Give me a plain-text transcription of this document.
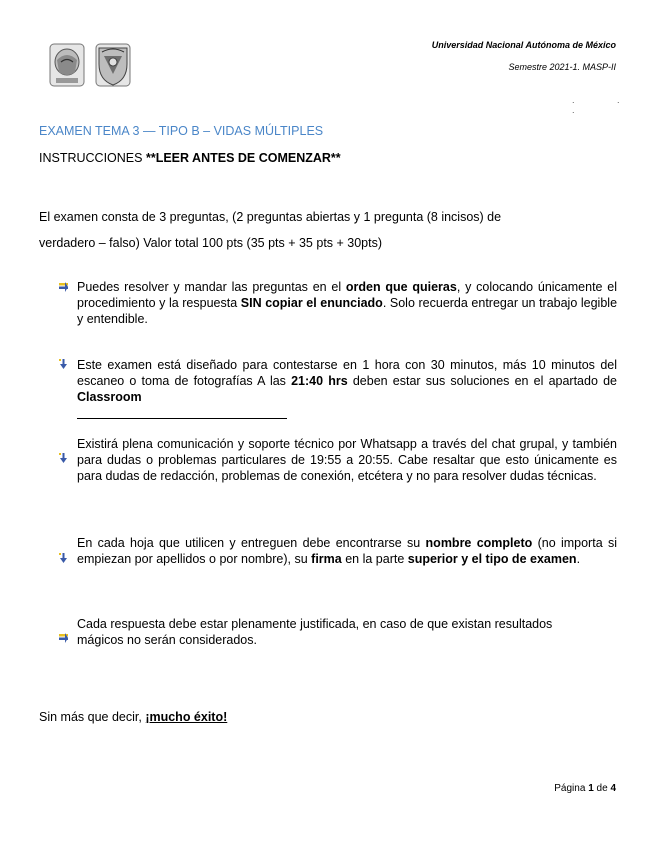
Universidad Nacional Autónoma de México
Semestre 2021-1. MASP-II
. . .
EXAMEN TEMA 3 — TIPO B – VIDAS MÚLTIPLES
INSTRUCCIONES **LEER ANTES DE COMENZAR**
El examen consta de 3 preguntas, (2 preguntas abiertas y 1 pregunta (8 incisos) de
verdadero – falso) Valor total 100 pts (35 pts + 35 pts + 30pts)
Puedes resolver y mandar las preguntas en el orden que quieras, y colocando únicamente el procedimiento y la respuesta SIN copiar el enunciado. Solo recuerda entregar un trabajo legible y entendible.
Este examen está diseñado para contestarse en 1 hora con 30 minutos, más 10 minutos del escaneo o toma de fotografías A las 21:40 hrs deben estar sus soluciones en el apartado de Classroom
Existirá plena comunicación y soporte técnico por Whatsapp a través del chat grupal, y también para dudas o problemas particulares de 19:55 a 20:55. Cabe resaltar que esto únicamente es para dudas de redacción, problemas de conexión, etcétera y no para resolver dudas técnicas.
En cada hoja que utilicen y entreguen debe encontrarse su nombre completo (no importa si empiezan por apellidos o por nombre), su firma en la parte superior y el tipo de examen.
Cada respuesta debe estar plenamente justificada, en caso de que existan resultados
mágicos no serán considerados.
Sin más que decir, ¡mucho éxito!
Página 1 de 4
